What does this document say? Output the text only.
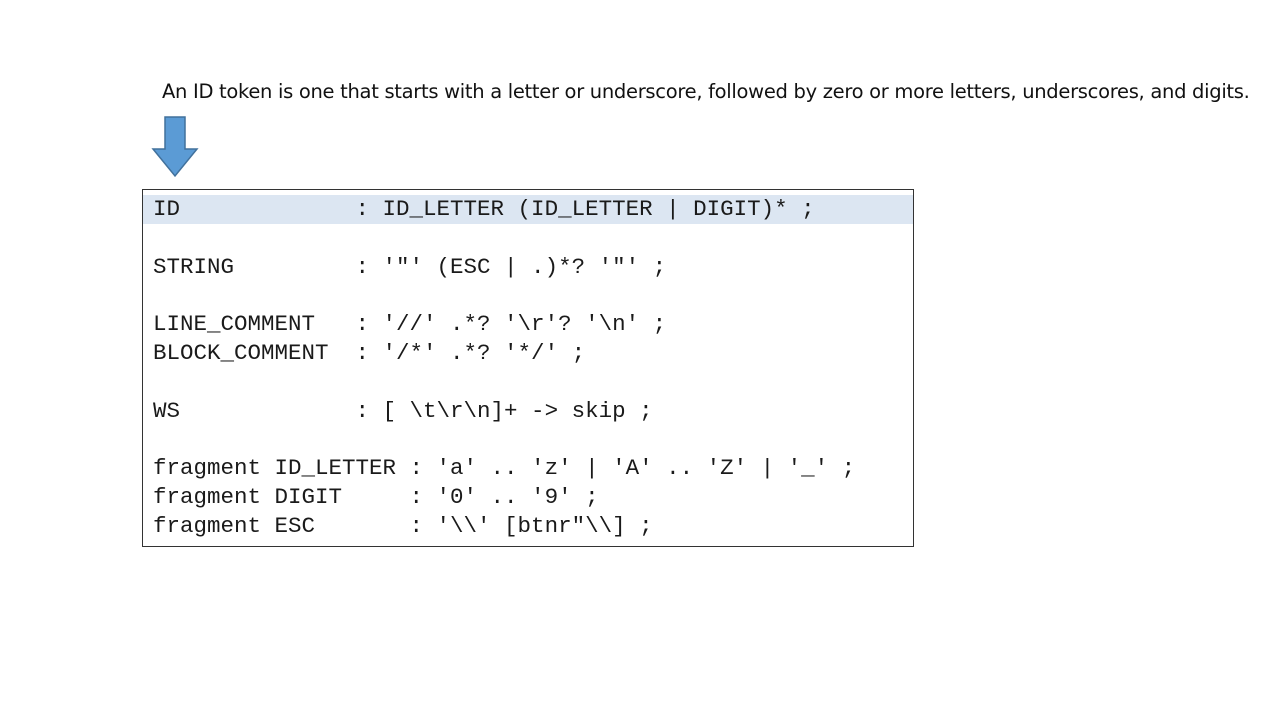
An ID token is one that starts with a letter or underscore, followed by zero or more letters, underscores, and digits.
ID             : ID_LETTER (ID_LETTER | DIGIT)* ;
STRING         : '"' (ESC | .)*? '"' ;
LINE_COMMENT   : '//' .*? '\r'? '\n' ;
BLOCK_COMMENT  : '/*' .*? '*/' ;
WS             : [ \t\r\n]+ -> skip ;
fragment ID_LETTER : 'a' .. 'z' | 'A' .. 'Z' | '_' ;
fragment DIGIT     : '0' .. '9' ;
fragment ESC       : '\\' [btnr"\\] ;
